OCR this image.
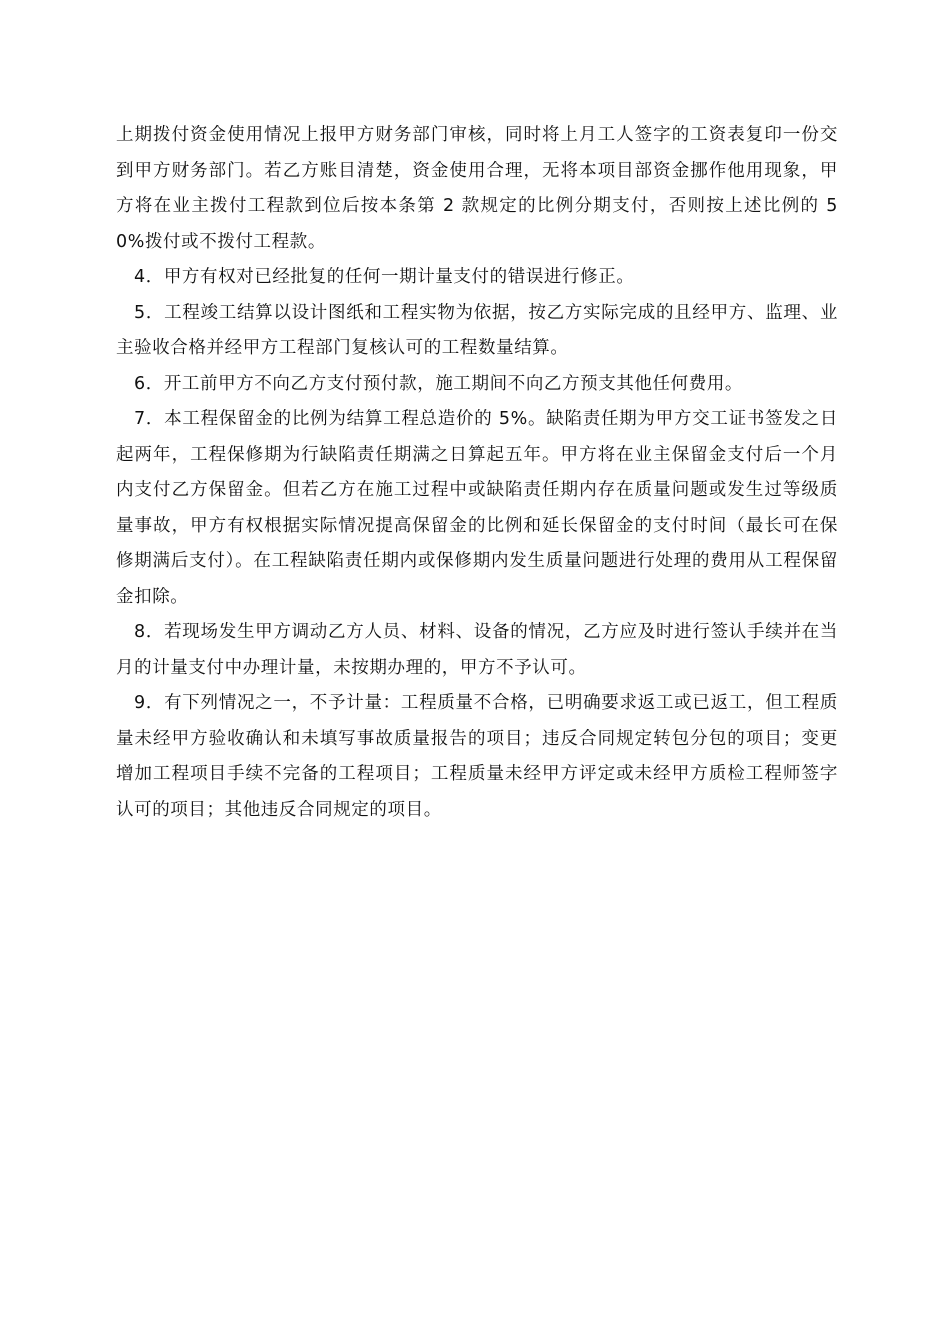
上期拨付资金使用情况上报甲方财务部门审核，同时将上月工人签字的工资表复印一份交到甲方财务部门。若乙方账目清楚，资金使用合理，无将本项目部资金挪作他用现象，甲方将在业主拨付工程款到位后按本条第 2 款规定的比例分期支付，否则按上述比例的 50%拨付或不拨付工程款。

4．甲方有权对已经批复的任何一期计量支付的错误进行修正。

5．工程竣工结算以设计图纸和工程实物为依据，按乙方实际完成的且经甲方、监理、业主验收合格并经甲方工程部门复核认可的工程数量结算。

6．开工前甲方不向乙方支付预付款，施工期间不向乙方预支其他任何费用。

7．本工程保留金的比例为结算工程总造价的 5%。缺陷责任期为甲方交工证书签发之日起两年，工程保修期为行缺陷责任期满之日算起五年。甲方将在业主保留金支付后一个月内支付乙方保留金。但若乙方在施工过程中或缺陷责任期内存在质量问题或发生过等级质量事故，甲方有权根据实际情况提高保留金的比例和延长保留金的支付时间（最长可在保修期满后支付）。在工程缺陷责任期内或保修期内发生质量问题进行处理的费用从工程保留金扣除。

8．若现场发生甲方调动乙方人员、材料、设备的情况，乙方应及时进行签认手续并在当月的计量支付中办理计量，未按期办理的，甲方不予认可。

9．有下列情况之一，不予计量：工程质量不合格，已明确要求返工或已返工，但工程质量未经甲方验收确认和未填写事故质量报告的项目；违反合同规定转包分包的项目；变更增加工程项目手续不完备的工程项目；工程质量未经甲方评定或未经甲方质检工程师签字认可的项目；其他违反合同规定的项目。
